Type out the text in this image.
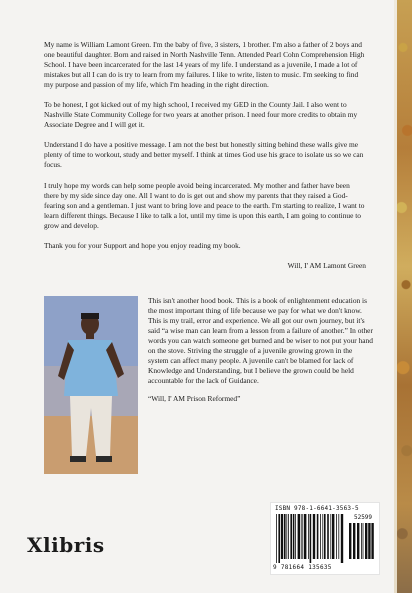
My name is William Lamont Green. I'm the baby of five, 3 sisters, 1 brother. I'm also a father of 2 boys and one beautiful daughter. Born and raised in North Nashville Tenn. Attended Pearl Cohn Comprehension High School. I have been incarcerated for the last 14 years of my life. I understand as a juvenile, I made a lot of mistakes but all I can do is try to learn from my failures. I like to write, listen to music. I'm seeking to find my purpose and passion of my life, which I'm heading in the right direction.

To be honest, I got kicked out of my high school, I received my GED in the County Jail. I also went to Nashville State Community College for two years at another prison. I need four more credits to obtain my Associate Degree and I will get it.

Understand I do have a positive message. I am not the best but honestly sitting behind these walls give me plenty of time to workout, study and better myself. I think at times God use his grace to isolate us so we can focus.

I truly hope my words can help some people avoid being incarcerated. My mother and father have been there by my side since day one. All I want to do is get out and show my parents that they raised a God-fearing son and a gentleman. I just want to bring love and peace to the earth. I'm starting to realize, I want to learn different things. Because I like to talk a lot, until my time is upon this earth, I am going to continue to grow and develop.

Thank you for your Support and hope you enjoy reading my book.

Will, I' AM Lamont Green

This isn't another hood book. This is a book of enlightenment education is the most important thing of life because we pay for what we don't know. This is my trail, error and experience. We all got our own journey, but it's said “a wise man can learn from a lesson from a failure of another.” In other words you can watch someone get burned and be wiser to not put your hand on the stove. Striving the struggle of a juvenile growing grown in the system can affect many people. A juvenile can't be blamed for lack of Knowledge and Understanding, but I believe the grown could be held accountable for the lack of Guidance.

“Will, I' AM Prison Reformed”

Xlibris
ISBN 978-1-6641-3563-5
52599
9 781664 135635
